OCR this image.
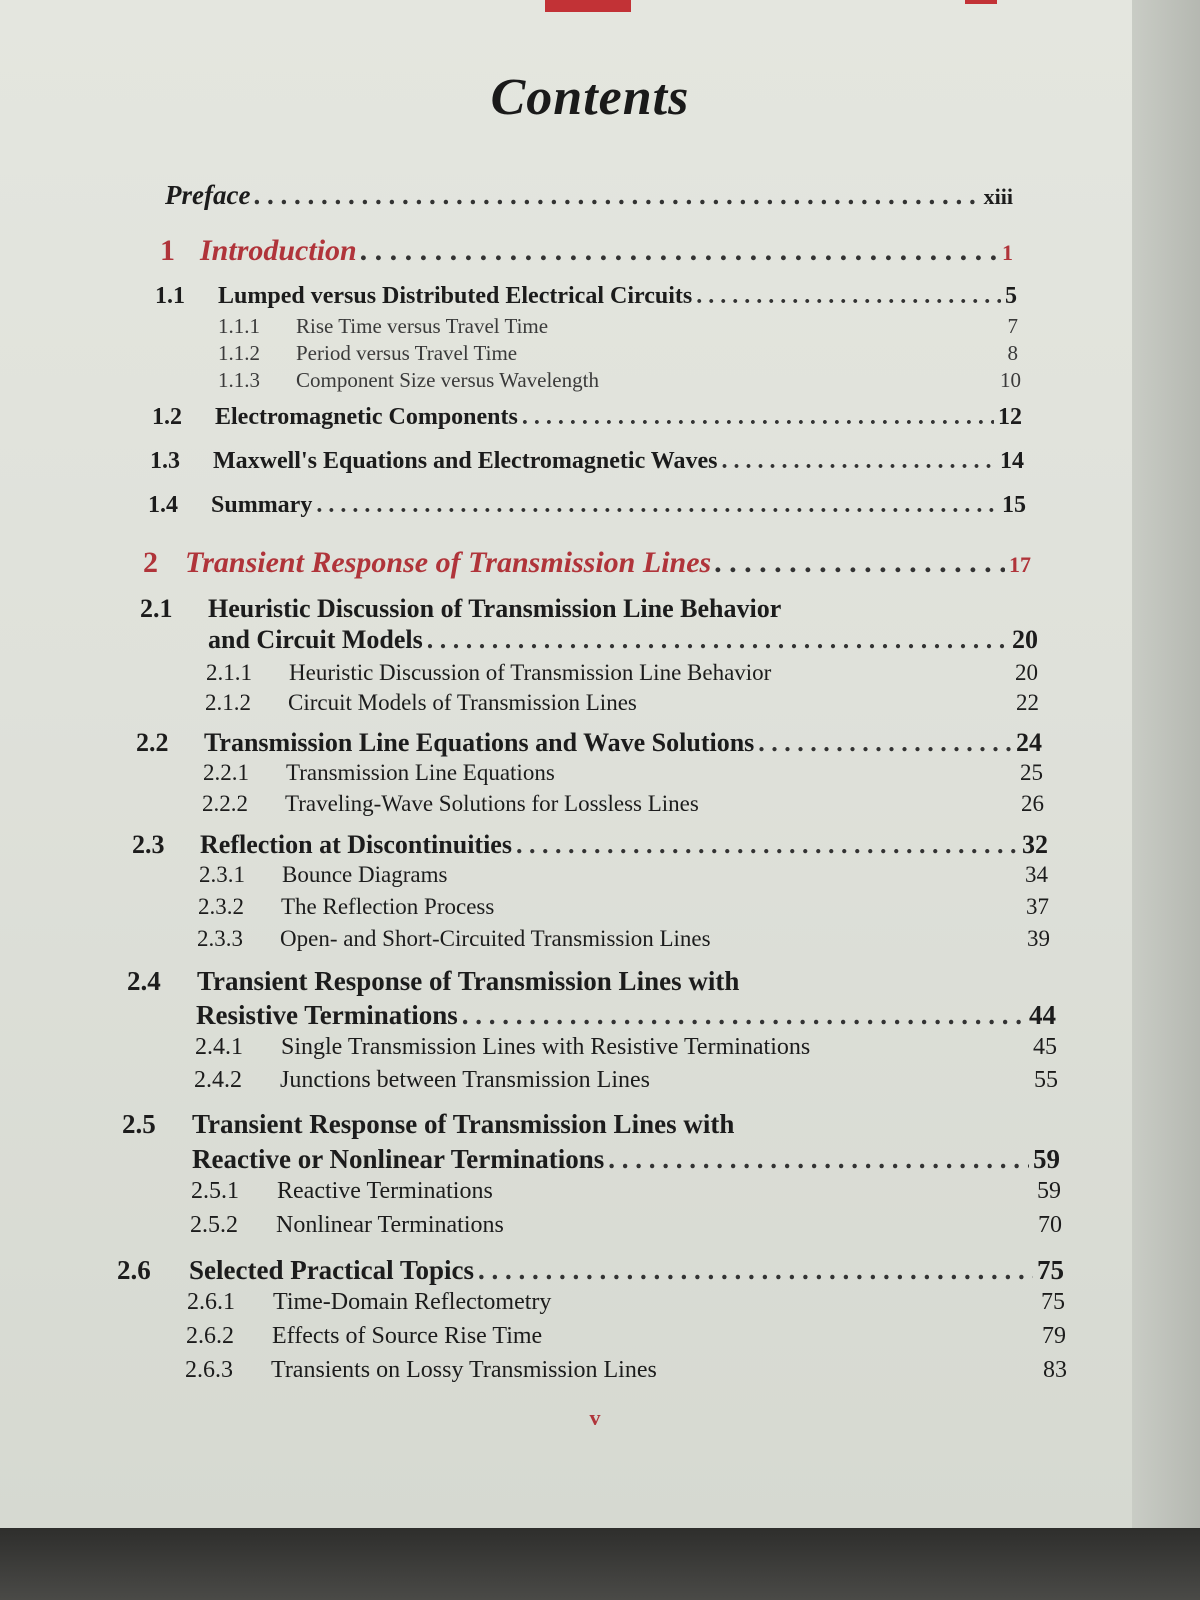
Contents
Preface . . .	xiii
1 Introduction . . .	1
1.1	Lumped versus Distributed Electrical Circuits . . .	5
1.1.1	Rise Time versus Travel Time	7
1.1.2	Period versus Travel Time	8
1.1.3	Component Size versus Wavelength	10
1.2	Electromagnetic Components . . .	12
1.3	Maxwell's Equations and Electromagnetic Waves . . .	14
1.4	Summary . . .	15
2 Transient Response of Transmission Lines . . .	17
2.1	Heuristic Discussion of Transmission Line Behavior
and Circuit Models . . .	20
2.1.1	Heuristic Discussion of Transmission Line Behavior	20
2.1.2	Circuit Models of Transmission Lines	22
2.2	Transmission Line Equations and Wave Solutions . . .	24
2.2.1	Transmission Line Equations	25
2.2.2	Traveling-Wave Solutions for Lossless Lines	26
2.3	Reflection at Discontinuities . . .	32
2.3.1	Bounce Diagrams	34
2.3.2	The Reflection Process	37
2.3.3	Open- and Short-Circuited Transmission Lines	39
2.4	Transient Response of Transmission Lines with
Resistive Terminations . . .	44
2.4.1	Single Transmission Lines with Resistive Terminations	45
2.4.2	Junctions between Transmission Lines	55
2.5	Transient Response of Transmission Lines with
Reactive or Nonlinear Terminations . . .	59
2.5.1	Reactive Terminations	59
2.5.2	Nonlinear Terminations	70
2.6	Selected Practical Topics . . .	75
2.6.1	Time-Domain Reflectometry	75
2.6.2	Effects of Source Rise Time	79
2.6.3	Transients on Lossy Transmission Lines	83
v
